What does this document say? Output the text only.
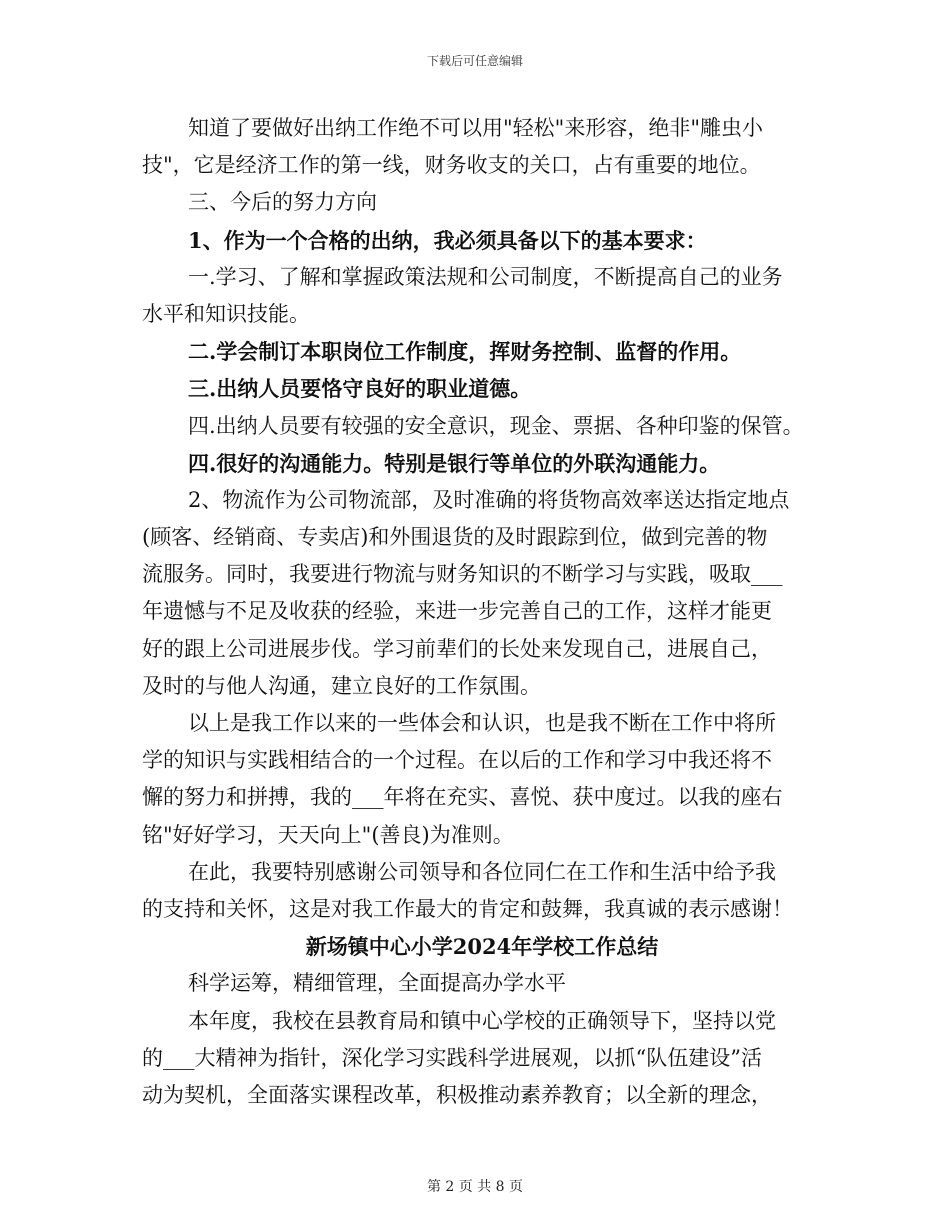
下载后可任意编辑
知道了要做好出纳工作绝不可以用"轻松"来形容，绝非"雕虫小
技"，它是经济工作的第一线，财务收支的关口，占有重要的地位。
三、今后的努力方向
1、作为一个合格的出纳，我必须具备以下的基本要求：
一.学习、了解和掌握政策法规和公司制度，不断提高自己的业务
水平和知识技能。
二.学会制订本职岗位工作制度，挥财务控制、监督的作用。
三.出纳人员要恪守良好的职业道德。
四.出纳人员要有较强的安全意识，现金、票据、各种印鉴的保管。
四.很好的沟通能力。特别是银行等单位的外联沟通能力。
2、物流作为公司物流部，及时准确的将货物高效率送达指定地点
(顾客、经销商、专卖店)和外围退货的及时跟踪到位，做到完善的物
流服务。同时，我要进行物流与财务知识的不断学习与实践，吸取___
年遗憾与不足及收获的经验，来进一步完善自己的工作，这样才能更
好的跟上公司进展步伐。学习前辈们的长处来发现自己，进展自己，
及时的与他人沟通，建立良好的工作氛围。
以上是我工作以来的一些体会和认识，也是我不断在工作中将所
学的知识与实践相结合的一个过程。在以后的工作和学习中我还将不
懈的努力和拼搏，我的___年将在充实、喜悦、获中度过。以我的座右
铭"好好学习，天天向上"(善良)为准则。
在此，我要特别感谢公司领导和各位同仁在工作和生活中给予我
的支持和关怀，这是对我工作最大的肯定和鼓舞，我真诚的表示感谢！
新场镇中心小学2024年学校工作总结
科学运筹，精细管理，全面提高办学水平
本年度，我校在县教育局和镇中心学校的正确领导下，坚持以党
的___大精神为指针，深化学习实践科学进展观，以抓“队伍建设”活
动为契机，全面落实课程改革，积极推动素养教育；以全新的理念，
第 2 页 共 8 页
